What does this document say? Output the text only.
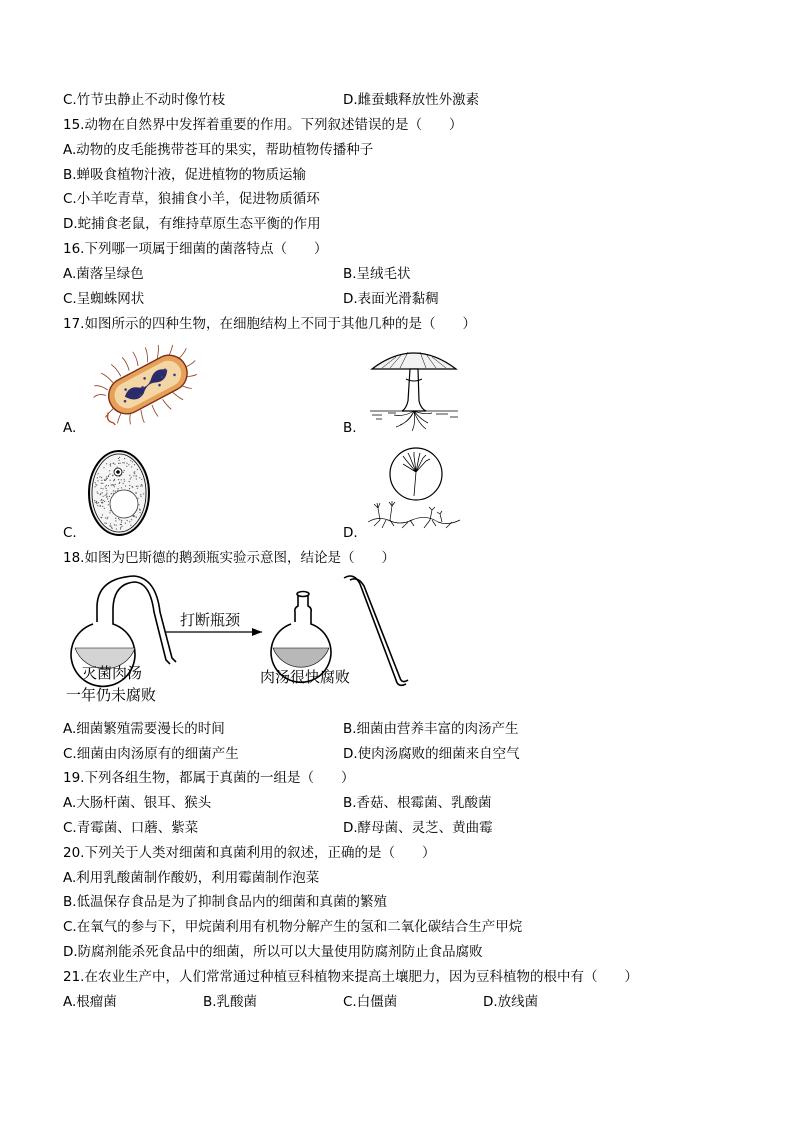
C.竹节虫静止不动时像竹枝	D.雌蚕蛾释放性外激素
15.动物在自然界中发挥着重要的作用。下列叙述错误的是（　　）
A.动物的皮毛能携带苍耳的果实，帮助植物传播种子
B.蝉吸食植物汁液，促进植物的物质运输
C.小羊吃青草，狼捕食小羊，促进物质循环
D.蛇捕食老鼠，有维持草原生态平衡的作用
16.下列哪一项属于细菌的菌落特点（　　）
A.菌落呈绿色	B.呈绒毛状
C.呈蜘蛛网状	D.表面光滑黏稠
17.如图所示的四种生物，在细胞结构上不同于其他几种的是（　　）
A.	B.
C.	D.
18.如图为巴斯德的鹅颈瓶实验示意图，结论是（　　）
灭菌肉汤
一年仍未腐败
打断瓶颈
肉汤很快腐败
A.细菌繁殖需要漫长的时间	B.细菌由营养丰富的肉汤产生
C.细菌由肉汤原有的细菌产生	D.使肉汤腐败的细菌来自空气
19.下列各组生物，都属于真菌的一组是（　　）
A.大肠杆菌、银耳、猴头	B.香菇、根霉菌、乳酸菌
C.青霉菌、口蘑、紫菜	D.酵母菌、灵芝、黄曲霉
20.下列关于人类对细菌和真菌利用的叙述，正确的是（　　）
A.利用乳酸菌制作酸奶，利用霉菌制作泡菜
B.低温保存食品是为了抑制食品内的细菌和真菌的繁殖
C.在氧气的参与下，甲烷菌利用有机物分解产生的氢和二氧化碳结合生产甲烷
D.防腐剂能杀死食品中的细菌，所以可以大量使用防腐剂防止食品腐败
21.在农业生产中，人们常常通过种植豆科植物来提高土壤肥力，因为豆科植物的根中有（　　）
A.根瘤菌	B.乳酸菌	C.白僵菌	D.放线菌
